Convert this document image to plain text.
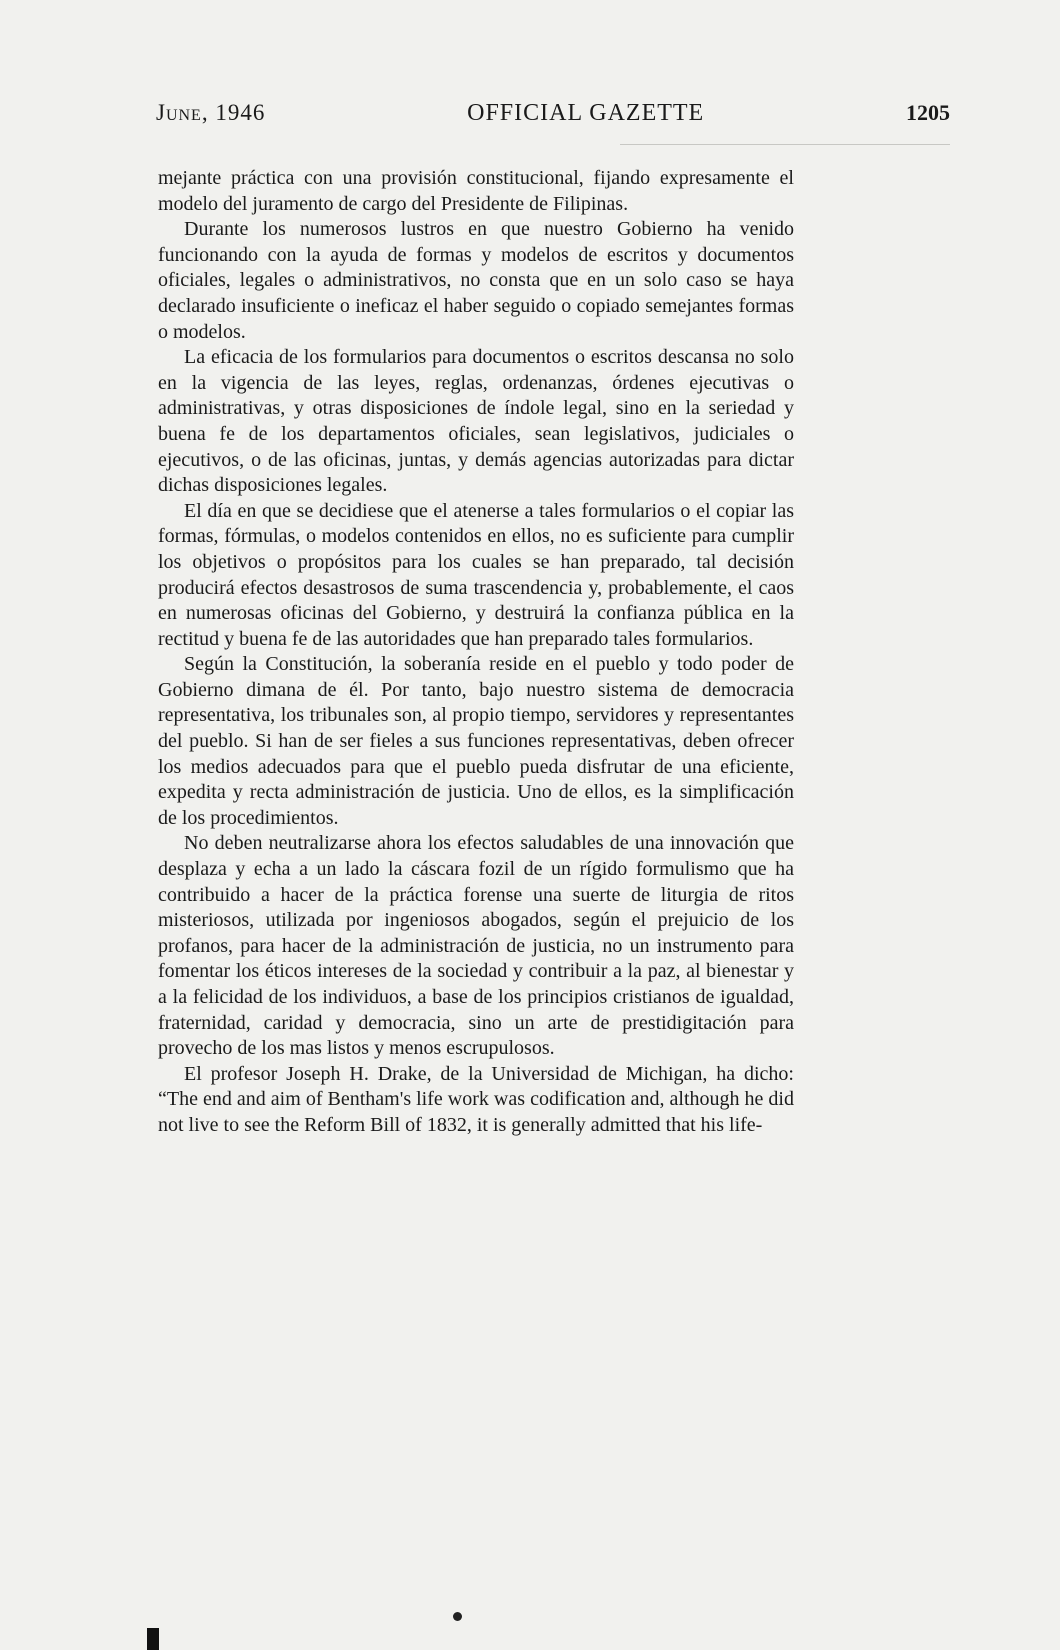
June, 1946	OFFICIAL GAZETTE	1205

mejante práctica con una provisión constitucional, fijando expresamente el modelo del juramento de cargo del Presidente de Filipinas.

Durante los numerosos lustros en que nuestro Gobierno ha venido funcionando con la ayuda de formas y modelos de escritos y documentos oficiales, legales o administrativos, no consta que en un solo caso se haya declarado insuficiente o ineficaz el haber seguido o copiado semejantes formas o modelos.

La eficacia de los formularios para documentos o escritos descansa no solo en la vigencia de las leyes, reglas, ordenanzas, órdenes ejecutivas o administrativas, y otras disposiciones de índole legal, sino en la seriedad y buena fe de los departamentos oficiales, sean legislativos, judiciales o ejecutivos, o de las oficinas, juntas, y demás agencias autorizadas para dictar dichas disposiciones legales.

El día en que se decidiese que el atenerse a tales formularios o el copiar las formas, fórmulas, o modelos contenidos en ellos, no es suficiente para cumplir los objetivos o propósitos para los cuales se han preparado, tal decisión producirá efectos desastrosos de suma trascendencia y, probablemente, el caos en numerosas oficinas del Gobierno, y destruirá la confianza pública en la rectitud y buena fe de las autoridades que han preparado tales formularios.

Según la Constitución, la soberanía reside en el pueblo y todo poder de Gobierno dimana de él. Por tanto, bajo nuestro sistema de democracia representativa, los tribunales son, al propio tiempo, servidores y representantes del pueblo. Si han de ser fieles a sus funciones representativas, deben ofrecer los medios adecuados para que el pueblo pueda disfrutar de una eficiente, expedita y recta administración de justicia. Uno de ellos, es la simplificación de los procedimientos.

No deben neutralizarse ahora los efectos saludables de una innovación que desplaza y echa a un lado la cáscara fozil de un rígido formulismo que ha contribuido a hacer de la práctica forense una suerte de liturgia de ritos misteriosos, utilizada por ingeniosos abogados, según el prejuicio de los profanos, para hacer de la administración de justicia, no un instrumento para fomentar los éticos intereses de la sociedad y contribuir a la paz, al bienestar y a la felicidad de los individuos, a base de los principios cristianos de igualdad, fraternidad, caridad y democracia, sino un arte de prestidigitación para provecho de los mas listos y menos escrupulosos.

El profesor Joseph H. Drake, de la Universidad de Michigan, ha dicho: “The end and aim of Bentham's life work was codification and, although he did not live to see the Reform Bill of 1832, it is generally admitted that his life-
